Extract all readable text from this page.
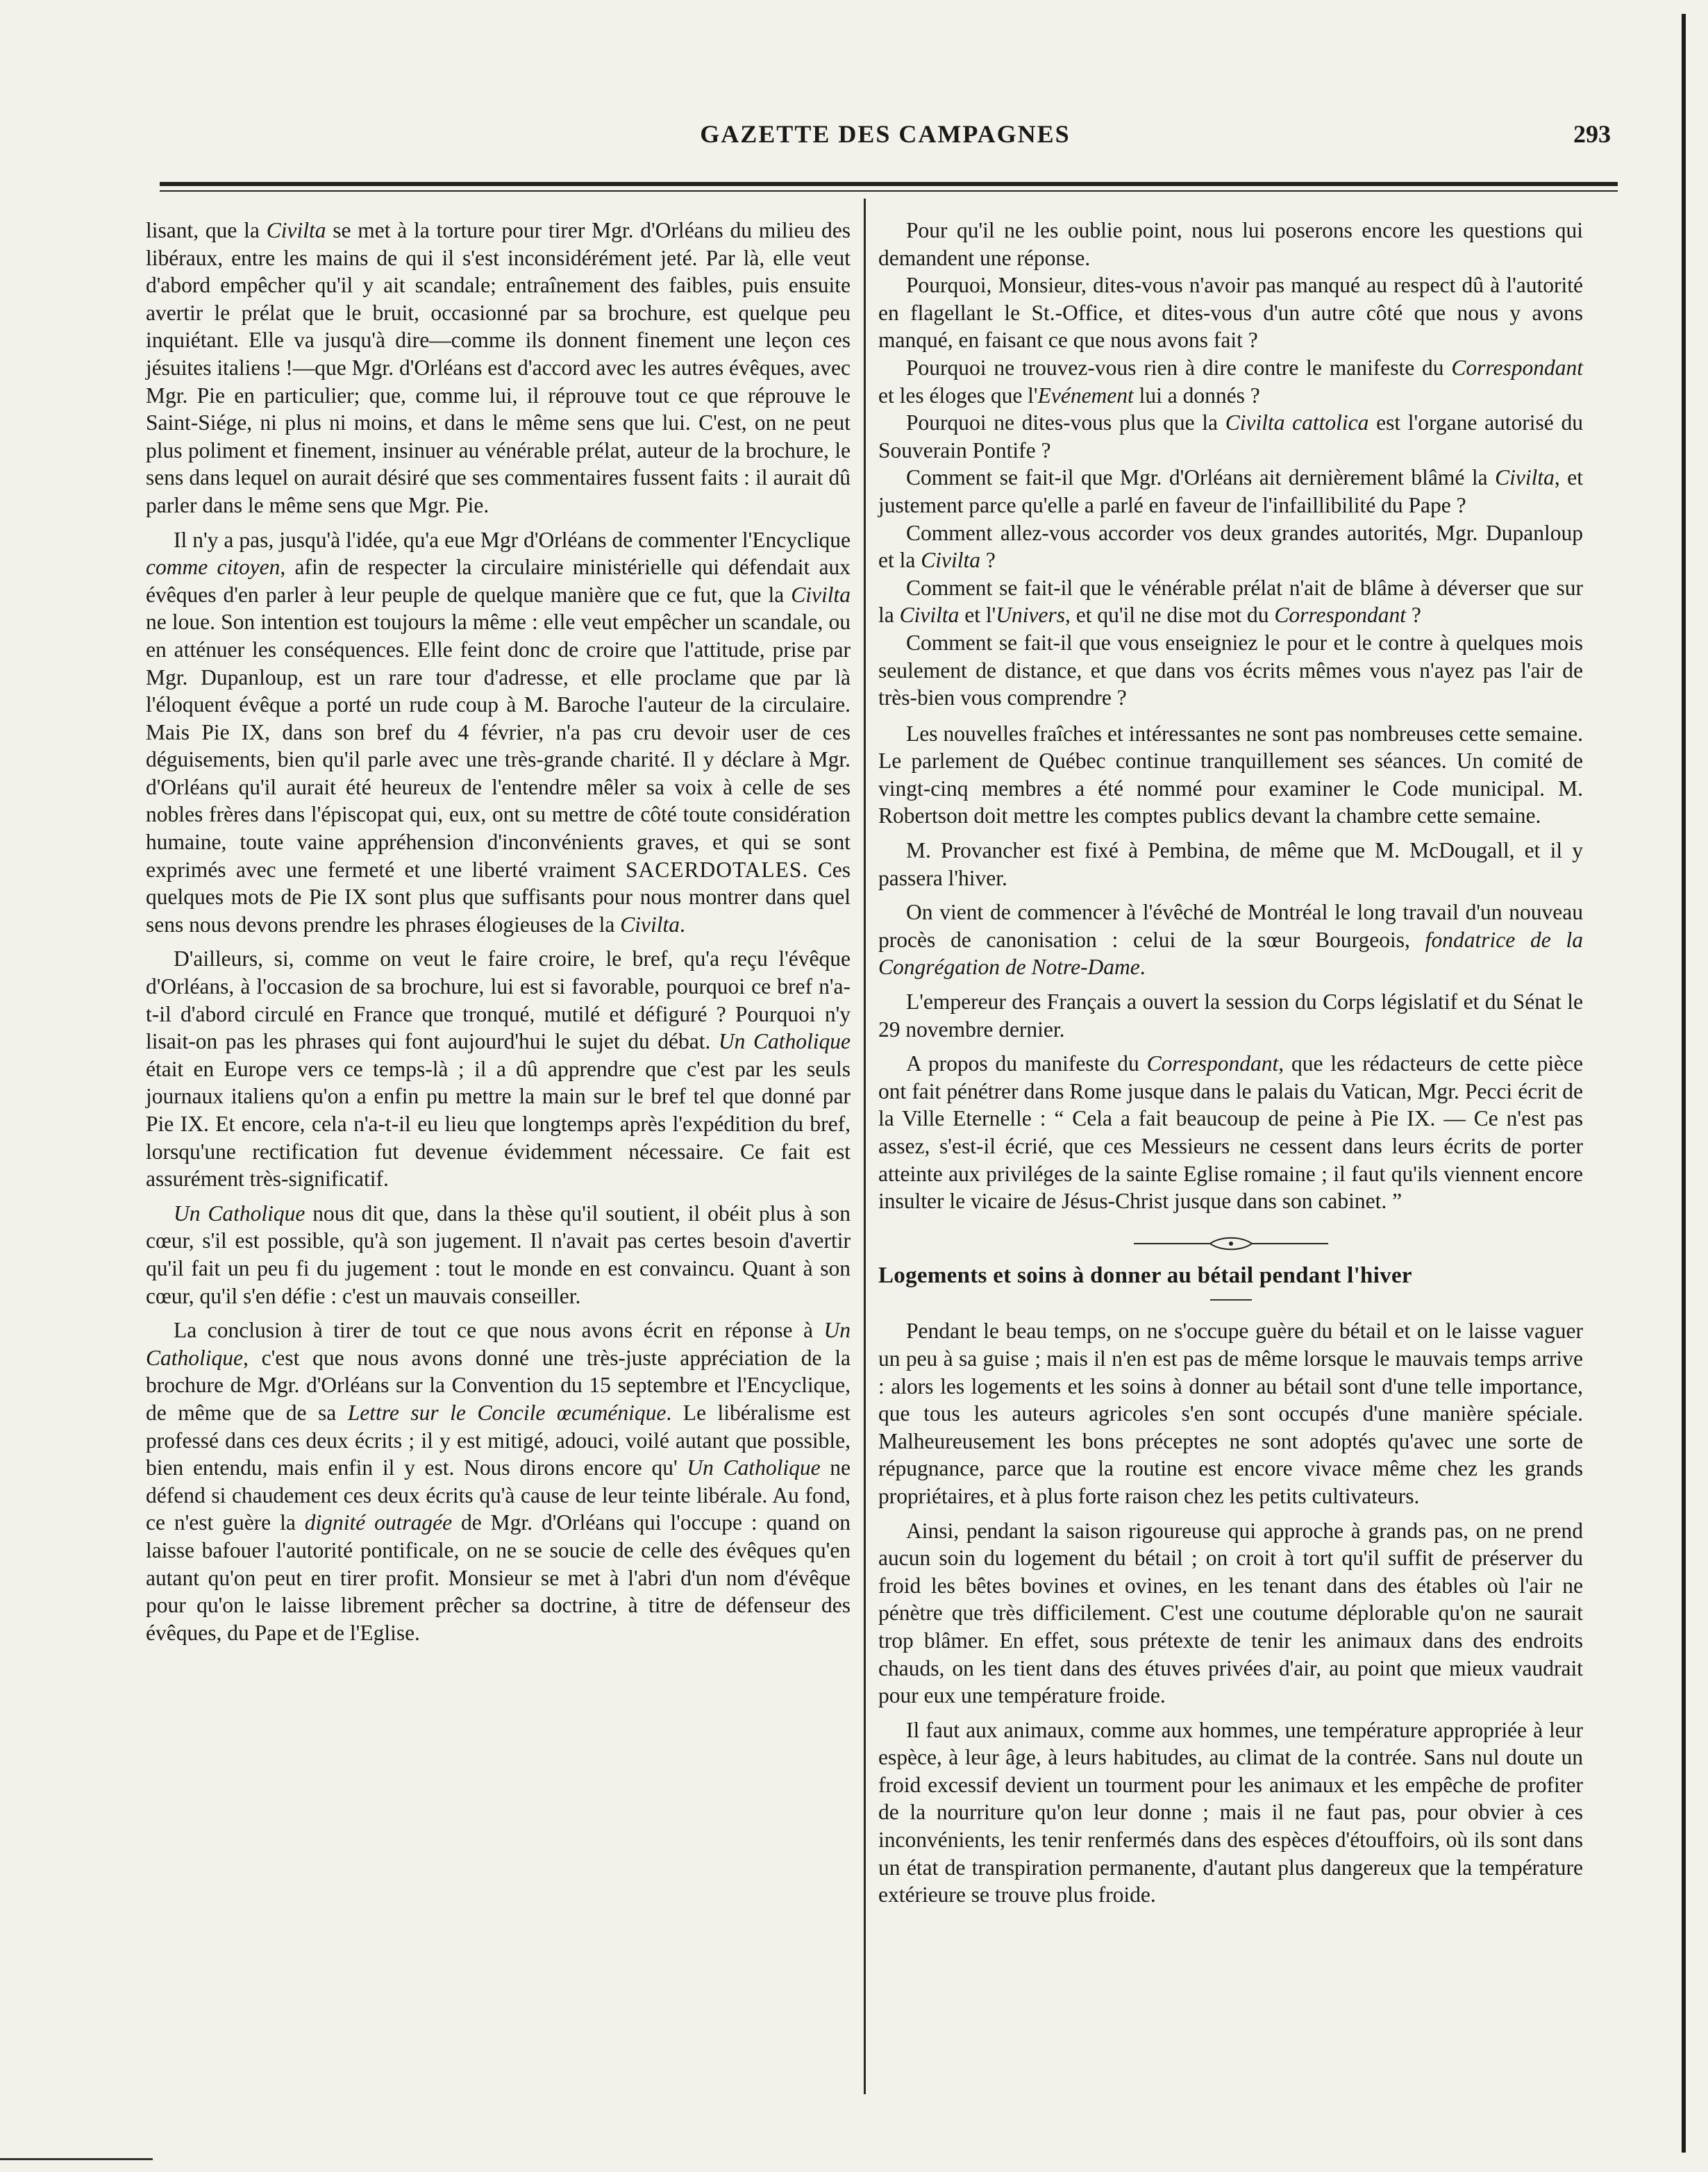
GAZETTE DES CAMPAGNES	293

lisant, que la Civilta se met à la torture pour tirer Mgr. d'Orléans du milieu des libéraux, entre les mains de qui il s'est inconsidérément jeté. Par là, elle veut d'abord empêcher qu'il y ait scandale; entraînement des faibles, puis ensuite avertir le prélat que le bruit, occasionné par sa brochure, est quelque peu inquiétant. Elle va jusqu'à dire—comme ils donnent finement une leçon ces jésuites italiens !—que Mgr. d'Orléans est d'accord avec les autres évêques, avec Mgr. Pie en particulier; que, comme lui, il réprouve tout ce que réprouve le Saint-Siége, ni plus ni moins, et dans le même sens que lui. C'est, on ne peut plus poliment et finement, insinuer au vénérable prélat, auteur de la brochure, le sens dans lequel on aurait désiré que ses commentaires fussent faits : il aurait dû parler dans le même sens que Mgr. Pie.

Il n'y a pas, jusqu'à l'idée, qu'a eue Mgr d'Orléans de commenter l'Encyclique comme citoyen, afin de respecter la circulaire ministérielle qui défendait aux évêques d'en parler à leur peuple de quelque manière que ce fut, que la Civilta ne loue. Son intention est toujours la même : elle veut empêcher un scandale, ou en atténuer les conséquences. Elle feint donc de croire que l'attitude, prise par Mgr. Dupanloup, est un rare tour d'adresse, et elle proclame que par là l'éloquent évêque a porté un rude coup à M. Baroche l'auteur de la circulaire. Mais Pie IX, dans son bref du 4 février, n'a pas cru devoir user de ces déguisements, bien qu'il parle avec une très-grande charité. Il y déclare à Mgr. d'Orléans qu'il aurait été heureux de l'entendre mêler sa voix à celle de ses nobles frères dans l'épiscopat qui, eux, ont su mettre de côté toute considération humaine, toute vaine appréhension d'inconvénients graves, et qui se sont exprimés avec une fermeté et une liberté vraiment SACERDOTALES. Ces quelques mots de Pie IX sont plus que suffisants pour nous montrer dans quel sens nous devons prendre les phrases élogieuses de la Civilta.

D'ailleurs, si, comme on veut le faire croire, le bref, qu'a reçu l'évêque d'Orléans, à l'occasion de sa brochure, lui est si favorable, pourquoi ce bref n'a-t-il d'abord circulé en France que tronqué, mutilé et défiguré ? Pourquoi n'y lisait-on pas les phrases qui font aujourd'hui le sujet du débat. Un Catholique était en Europe vers ce temps-là ; il a dû apprendre que c'est par les seuls journaux italiens qu'on a enfin pu mettre la main sur le bref tel que donné par Pie IX. Et encore, cela n'a-t-il eu lieu que longtemps après l'expédition du bref, lorsqu'une rectification fut devenue évidemment nécessaire. Ce fait est assurément très-significatif.

Un Catholique nous dit que, dans la thèse qu'il soutient, il obéit plus à son cœur, s'il est possible, qu'à son jugement. Il n'avait pas certes besoin d'avertir qu'il fait un peu fi du jugement : tout le monde en est convaincu. Quant à son cœur, qu'il s'en défie : c'est un mauvais conseiller.

La conclusion à tirer de tout ce que nous avons écrit en réponse à Un Catholique, c'est que nous avons donné une très-juste appréciation de la brochure de Mgr. d'Orléans sur la Convention du 15 septembre et l'Encyclique, de même que de sa Lettre sur le Concile œcuménique. Le libéralisme est professé dans ces deux écrits ; il y est mitigé, adouci, voilé autant que possible, bien entendu, mais enfin il y est. Nous dirons encore qu' Un Catholique ne défend si chaudement ces deux écrits qu'à cause de leur teinte libérale. Au fond, ce n'est guère la dignité outragée de Mgr. d'Orléans qui l'occupe : quand on laisse bafouer l'autorité pontificale, on ne se soucie de celle des évêques qu'en autant qu'on peut en tirer profit. Monsieur se met à l'abri d'un nom d'évêque pour qu'on le laisse librement prêcher sa doctrine, à titre de défenseur des évêques, du Pape et de l'Eglise.

Pour qu'il ne les oublie point, nous lui poserons encore les questions qui demandent une réponse.

Pourquoi, Monsieur, dites-vous n'avoir pas manqué au respect dû à l'autorité en flagellant le St.-Office, et dites-vous d'un autre côté que nous y avons manqué, en faisant ce que nous avons fait ?

Pourquoi ne trouvez-vous rien à dire contre le manifeste du Correspondant et les éloges que l'Evénement lui a donnés ?

Pourquoi ne dites-vous plus que la Civilta cattolica est l'organe autorisé du Souverain Pontife ?

Comment se fait-il que Mgr. d'Orléans ait dernièrement blâmé la Civilta, et justement parce qu'elle a parlé en faveur de l'infaillibilité du Pape ?

Comment allez-vous accorder vos deux grandes autorités, Mgr. Dupanloup et la Civilta ?

Comment se fait-il que le vénérable prélat n'ait de blâme à déverser que sur la Civilta et l'Univers, et qu'il ne dise mot du Correspondant ?

Comment se fait-il que vous enseigniez le pour et le contre à quelques mois seulement de distance, et que dans vos écrits mêmes vous n'ayez pas l'air de très-bien vous comprendre ?

Les nouvelles fraîches et intéressantes ne sont pas nombreuses cette semaine. Le parlement de Québec continue tranquillement ses séances. Un comité de vingt-cinq membres a été nommé pour examiner le Code municipal. M. Robertson doit mettre les comptes publics devant la chambre cette semaine.

M. Provancher est fixé à Pembina, de même que M. McDougall, et il y passera l'hiver.

On vient de commencer à l'évêché de Montréal le long travail d'un nouveau procès de canonisation : celui de la sœur Bourgeois, fondatrice de la Congrégation de Notre-Dame.

L'empereur des Français a ouvert la session du Corps législatif et du Sénat le 29 novembre dernier.

A propos du manifeste du Correspondant, que les rédacteurs de cette pièce ont fait pénétrer dans Rome jusque dans le palais du Vatican, Mgr. Pecci écrit de la Ville Eternelle : “ Cela a fait beaucoup de peine à Pie IX. — Ce n'est pas assez, s'est-il écrié, que ces Messieurs ne cessent dans leurs écrits de porter atteinte aux priviléges de la sainte Eglise romaine ; il faut qu'ils viennent encore insulter le vicaire de Jésus-Christ jusque dans son cabinet. ”

Logements et soins à donner au bétail pendant l'hiver

Pendant le beau temps, on ne s'occupe guère du bétail et on le laisse vaguer un peu à sa guise ; mais il n'en est pas de même lorsque le mauvais temps arrive : alors les logements et les soins à donner au bétail sont d'une telle importance, que tous les auteurs agricoles s'en sont occupés d'une manière spéciale. Malheureusement les bons préceptes ne sont adoptés qu'avec une sorte de répugnance, parce que la routine est encore vivace même chez les grands propriétaires, et à plus forte raison chez les petits cultivateurs.

Ainsi, pendant la saison rigoureuse qui approche à grands pas, on ne prend aucun soin du logement du bétail ; on croit à tort qu'il suffit de préserver du froid les bêtes bovines et ovines, en les tenant dans des étables où l'air ne pénètre que très difficilement. C'est une coutume déplorable qu'on ne saurait trop blâmer. En effet, sous prétexte de tenir les animaux dans des endroits chauds, on les tient dans des étuves privées d'air, au point que mieux vaudrait pour eux une température froide.

Il faut aux animaux, comme aux hommes, une température appropriée à leur espèce, à leur âge, à leurs habitudes, au climat de la contrée. Sans nul doute un froid excessif devient un tourment pour les animaux et les empêche de profiter de la nourriture qu'on leur donne ; mais il ne faut pas, pour obvier à ces inconvénients, les tenir renfermés dans des espèces d'étouffoirs, où ils sont dans un état de transpiration permanente, d'autant plus dangereux que la température extérieure se trouve plus froide.
